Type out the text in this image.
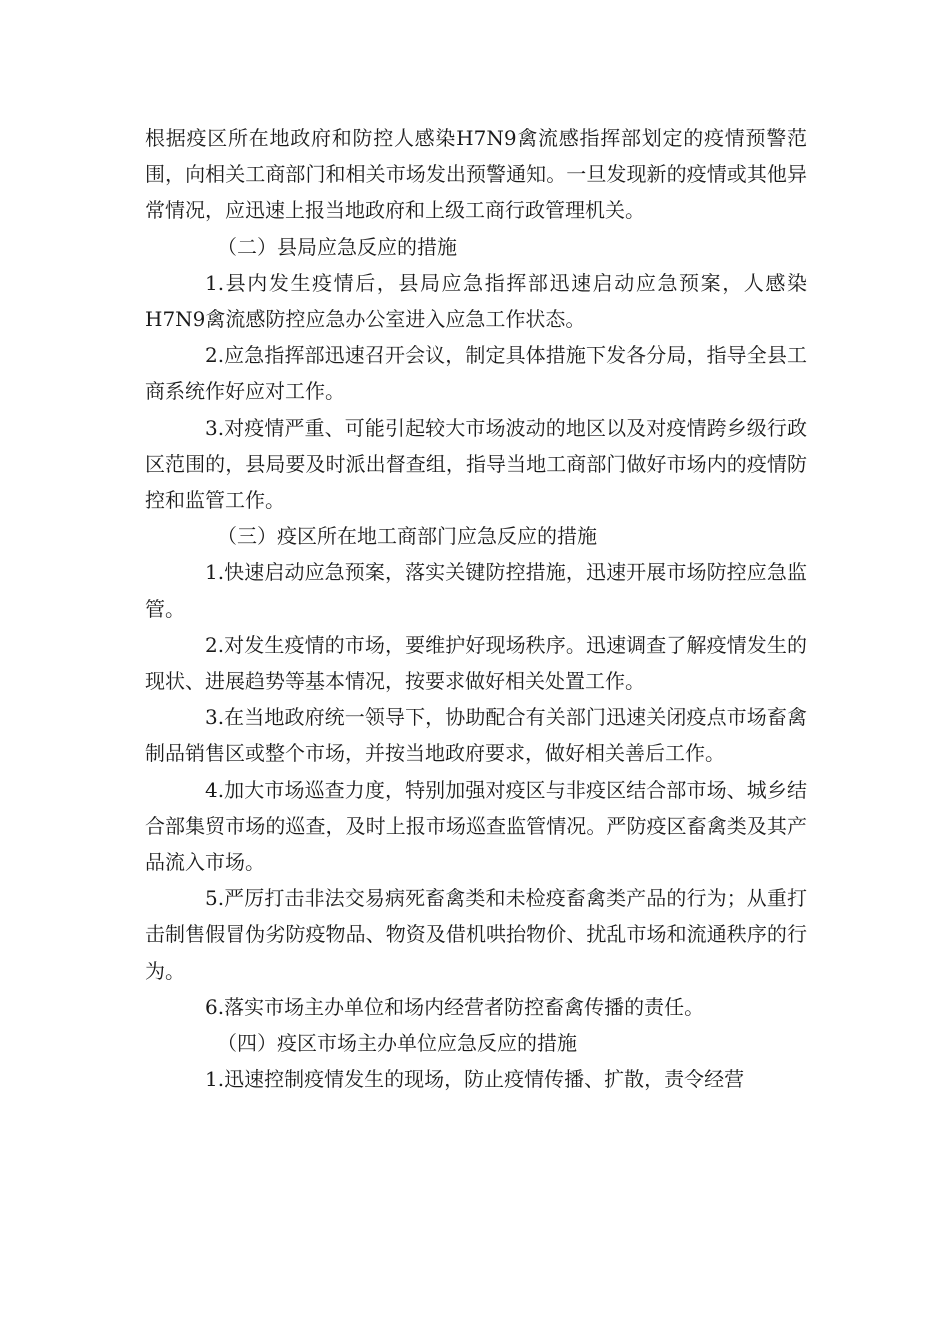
根据疫区所在地政府和防控人感染H7N9禽流感指挥部划定的疫情预警范围，向相关工商部门和相关市场发出预警通知。一旦发现新的疫情或其他异常情况，应迅速上报当地政府和上级工商行政管理机关。

（二）县局应急反应的措施

1.县内发生疫情后，县局应急指挥部迅速启动应急预案，人感染H7N9禽流感防控应急办公室进入应急工作状态。

2.应急指挥部迅速召开会议，制定具体措施下发各分局，指导全县工商系统作好应对工作。

3.对疫情严重、可能引起较大市场波动的地区以及对疫情跨乡级行政区范围的，县局要及时派出督查组，指导当地工商部门做好市场内的疫情防控和监管工作。

（三）疫区所在地工商部门应急反应的措施

1.快速启动应急预案，落实关键防控措施，迅速开展市场防控应急监管。

2.对发生疫情的市场，要维护好现场秩序。迅速调查了解疫情发生的现状、进展趋势等基本情况，按要求做好相关处置工作。

3.在当地政府统一领导下，协助配合有关部门迅速关闭疫点市场畜禽制品销售区或整个市场，并按当地政府要求，做好相关善后工作。

4.加大市场巡查力度，特别加强对疫区与非疫区结合部市场、城乡结合部集贸市场的巡查，及时上报市场巡查监管情况。严防疫区畜禽类及其产品流入市场。

5.严厉打击非法交易病死畜禽类和未检疫畜禽类产品的行为；从重打击制售假冒伪劣防疫物品、物资及借机哄抬物价、扰乱市场和流通秩序的行为。

6.落实市场主办单位和场内经营者防控畜禽传播的责任。

（四）疫区市场主办单位应急反应的措施

1.迅速控制疫情发生的现场，防止疫情传播、扩散，责令经营
